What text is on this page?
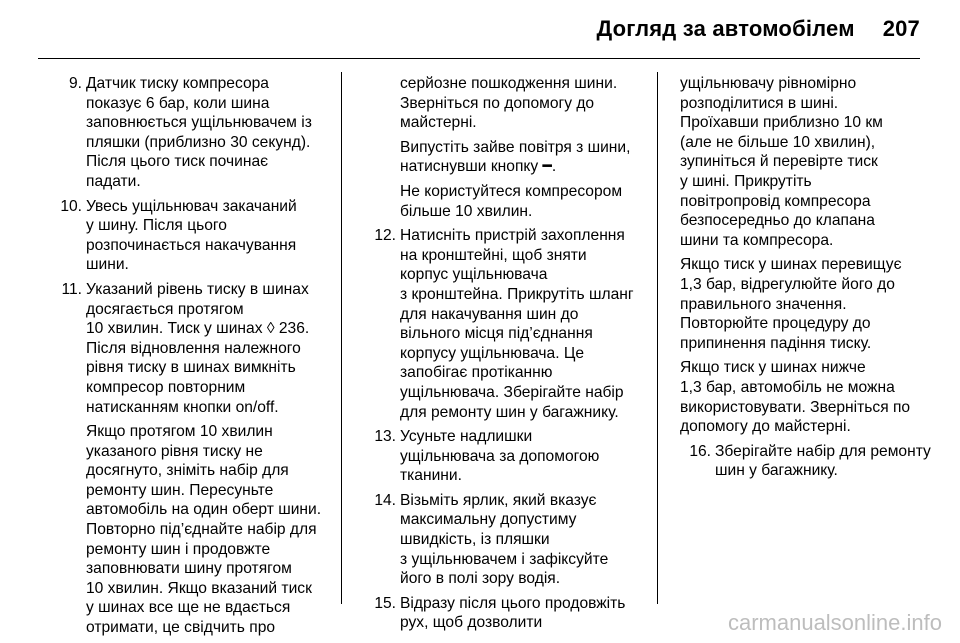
Догляд за автомобілем 207
9. Датчик тиску компресора
показує 6 бар, коли шина
заповнюється ущільнювачем із
пляшки (приблизно 30 секунд).
Після цього тиск починає
падати.
10. Увесь ущільнювач закачаний
у шину. Після цього
розпочинається накачування
шини.
11. Указаний рівень тиску в шинах
досягається протягом
10 хвилин. Тиск у шинах ◊ 236.
Після відновлення належного
рівня тиску в шинах вимкніть
компресор повторним
натисканням кнопки on/off.
Якщо протягом 10 хвилин
указаного рівня тиску не
досягнуто, зніміть набір для
ремонту шин. Пересуньте
автомобіль на один оберт шини.
Повторно під’єднайте набір для
ремонту шин і продовжте
заповнювати шину протягом
10 хвилин. Якщо вказаний тиск
у шинах все ще не вдається
отримати, це свідчить про
серйозне пошкодження шини.
Зверніться по допомогу до
майстерні.
Випустіть зайве повітря з шини,
натиснувши кнопку ━.
Не користуйтеся компресором
більше 10 хвилин.
12. Натисніть пристрій захоплення
на кронштейні, щоб зняти
корпус ущільнювача
з кронштейна. Прикрутіть шланг
для накачування шин до
вільного місця під’єднання
корпусу ущільнювача. Це
запобігає протіканню
ущільнювача. Зберігайте набір
для ремонту шин у багажнику.
13. Усуньте надлишки
ущільнювача за допомогою
тканини.
14. Візьміть ярлик, який вказує
максимальну допустиму
швидкість, із пляшки
з ущільнювачем і зафіксуйте
його в полі зору водія.
15. Відразу після цього продовжіть
рух, щоб дозволити
ущільнювачу рівномірно
розподілитися в шині.
Проїхавши приблизно 10 км
(але не більше 10 хвилин),
зупиніться й перевірте тиск
у шині. Прикрутіть
повітропровід компресора
безпосередньо до клапана
шини та компресора.
Якщо тиск у шинах перевищує
1,3 бар, відрегулюйте його до
правильного значення.
Повторюйте процедуру до
припинення падіння тиску.
Якщо тиск у шинах нижче
1,3 бар, автомобіль не можна
використовувати. Зверніться по
допомогу до майстерні.
16. Зберігайте набір для ремонту
шин у багажнику.
carmanualsonline.info
